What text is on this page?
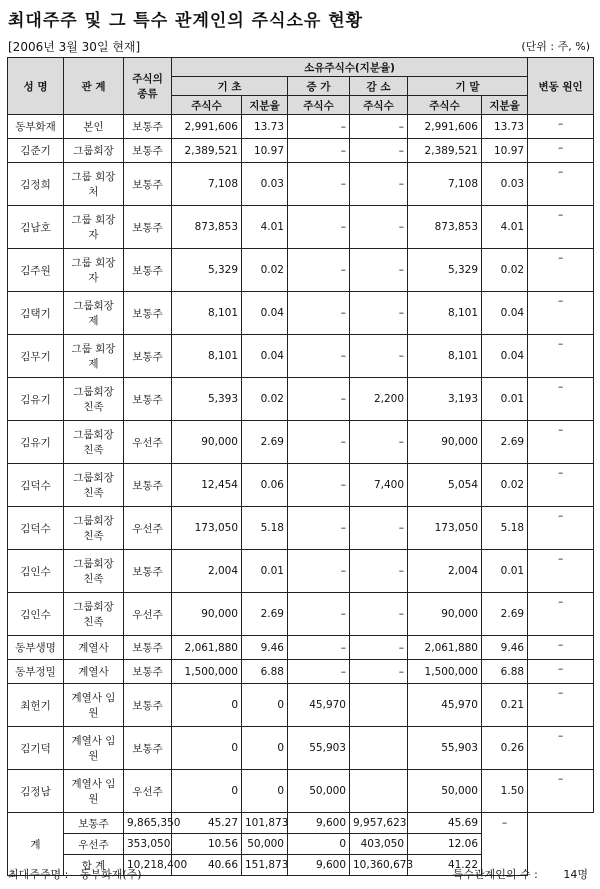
최대주주 및 그 특수 관계인의 주식소유 현황
[2006년 3월 30일 현재]	(단위 : 주, %)
성 명	관 계	주식의 종류	소유주식수(지분율)						변동 원인
			기 초		증 가	감 소	기 말		
			주식수	지분율	주식수	주식수	주식수	지분율	
동부화재	본인	보통주	2,991,606	13.73	–	–	2,991,606	13.73	–
김준기	그룹회장	보통주	2,389,521	10.97	–	–	2,389,521	10.97	–
김정희	그룹 회장처	보통주	7,108	0.03	–	–	7,108	0.03	–
김남호	그룹 회장자	보통주	873,853	4.01	–	–	873,853	4.01	–
김주원	그룹 회장자	보통주	5,329	0.02	–	–	5,329	0.02	–
김택기	그룹회장 제	보통주	8,101	0.04	–	–	8,101	0.04	–
김무기	그룹 회장제	보통주	8,101	0.04	–	–	8,101	0.04	–
김유기	그룹회장 친족	보통주	5,393	0.02	–	2,200	3,193	0.01	–
김유기	그룹회장 친족	우선주	90,000	2.69	–	–	90,000	2.69	–
김덕수	그룹회장 친족	보통주	12,454	0.06	–	7,400	5,054	0.02	–
김덕수	그룹회장 친족	우선주	173,050	5.18	–	–	173,050	5.18	–
김인수	그룹회장 친족	보통주	2,004	0.01	–	–	2,004	0.01	–
김인수	그룹회장 친족	우선주	90,000	2.69	–	–	90,000	2.69	–
동부생명	계열사	보통주	2,061,880	9.46	–	–	2,061,880	9.46	–
동부정밀	계열사	보통주	1,500,000	6.88	–	–	1,500,000	6.88	–
최헌기	계열사 임원	보통주	0	0	45,970		45,970	0.21	–
김기덕	계열사 임원	보통주	0	0	55,903		55,903	0.26	–
김정남	계열사 임원	우선주	0	0	50,000		50,000	1.50	–
계	보통주	9,865,350	45.27	101,873	9,600	9,957,623	45.69	–	
	우선주	353,050	10.56	50,000	0	403,050	12.06		
	합 계	10,218,400	40.66	151,873	9,600	10,360,673	41.22		
최대주주명 : 동부화재(주)	특수관계인의 수 : 14명
